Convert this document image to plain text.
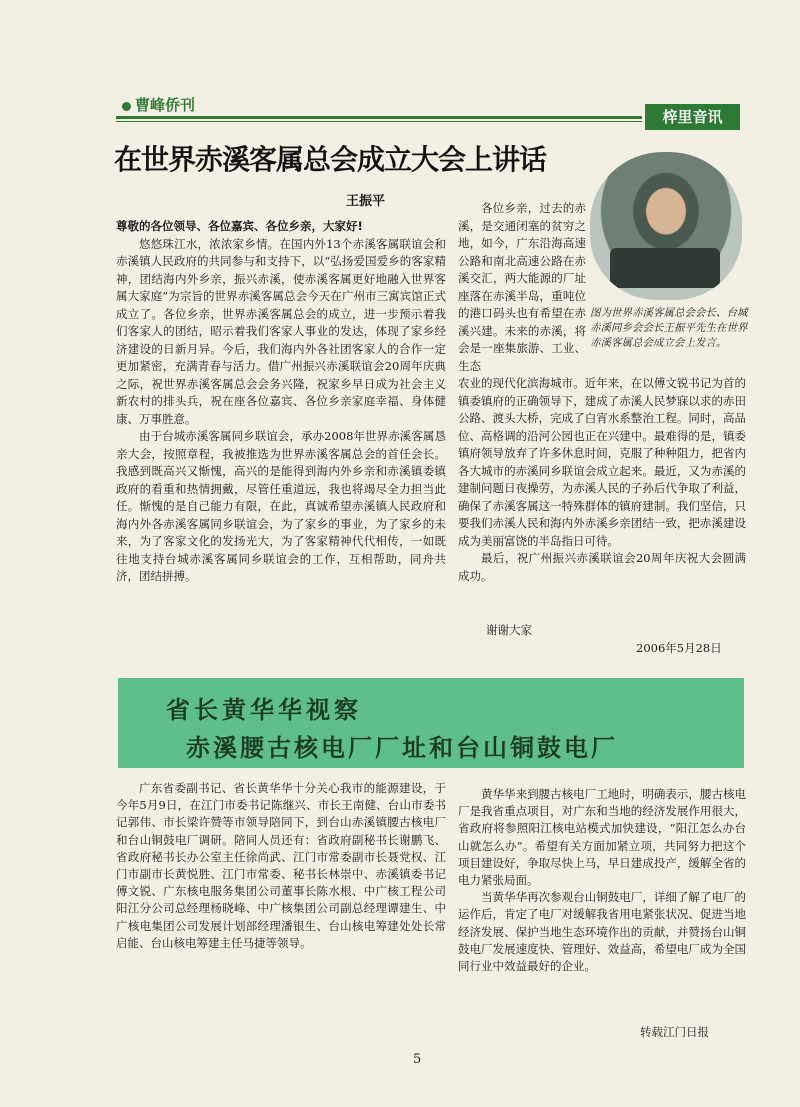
曹峰侨刊
梓里音讯
在世界赤溪客属总会成立大会上讲话
王振平
图为世界赤溪客属总会会长、台城赤溪同乡会会长王振平先生在世界赤溪客属总会成立会上发言。

尊敬的各位领导、各位嘉宾、各位乡亲，大家好!

悠悠珠江水，浓浓家乡情。在国内外13个赤溪客属联谊会和赤溪镇人民政府的共同参与和支持下，以“弘扬爱国爱乡的客家精神，团结海内外乡亲，振兴赤溪，使赤溪客属更好地融入世界客属大家庭”为宗旨的世界赤溪客属总会今天在广州市三寓宾馆正式成立了。各位乡亲，世界赤溪客属总会的成立，进一步预示着我们客家人的团结，昭示着我们客家人事业的发达，体现了家乡经济建设的日新月异。今后，我们海内外各社团客家人的合作一定更加紧密，充满青春与活力。借广州振兴赤溪联谊会20周年庆典之际，祝世界赤溪客属总会会务兴隆，祝家乡早日成为社会主义新农村的排头兵，祝在座各位嘉宾、各位乡亲家庭幸福、身体健康、万事胜意。

由于台城赤溪客属同乡联谊会，承办2008年世界赤溪客属恳亲大会，按照章程，我被推选为世界赤溪客属总会的首任会长。我感到既高兴又惭愧，高兴的是能得到海内外乡亲和赤溪镇委镇政府的看重和热情拥戴，尽管任重道远，我也将竭尽全力担当此任。惭愧的是自己能力有限，在此，真诚希望赤溪镇人民政府和海内外各赤溪客属同乡联谊会，为了家乡的事业，为了家乡的未来，为了客家文化的发扬光大，为了客家精神代代相传，一如既往地支持台城赤溪客属同乡联谊会的工作，互相帮助，同舟共济，团结拼搏。

各位乡亲，过去的赤溪，是交通闭塞的贫穷之地，如今，广东沿海高速公路和南北高速公路在赤溪交汇，两大能源的厂址座落在赤溪半岛，重吨位的港口码头也有希望在赤溪兴建。未来的赤溪，将会是一座集旅游、工业、生态

农业的现代化滨海城市。近年来，在以傅文锐书记为首的镇委镇府的正确领导下，建成了赤溪人民梦寐以求的赤田公路、渡头大桥，完成了白宵水系整治工程。同时，高品位、高格调的沿河公园也正在兴建中。最难得的是，镇委镇府领导放弃了许多休息时间，克服了种种阻力，把省内各大城市的赤溪同乡联谊会成立起来。最近，又为赤溪的建制问题日夜操劳，为赤溪人民的子孙后代争取了利益，确保了赤溪客属这一特殊群体的镇府建制。我们坚信，只要我们赤溪人民和海内外赤溪乡亲团结一致，把赤溪建设成为美丽富饶的半岛指日可待。

最后，祝广州振兴赤溪联谊会20周年庆祝大会圆满成功。

谢谢大家
2006年5月28日
省长黄华华视察
赤溪腰古核电厂厂址和台山铜鼓电厂

广东省委副书记、省长黄华华十分关心我市的能源建设，于今年5月9日，在江门市委书记陈继兴、市长王南健、台山市委书记郭伟、市长梁许赞等市领导陪同下，到台山赤溪镇腰古核电厂和台山铜鼓电厂调研。陪同人员还有：省政府副秘书长谢鹏飞、省政府秘书长办公室主任徐尚武、江门市常委副市长聂党权、江门市副市长黄悦胜、江门市常委、秘书长林崇中、赤溪镇委书记傅文锐、广东核电服务集团公司董事长陈水根、中广核工程公司阳江分公司总经理杨晓峰、中广核集团公司副总经理谭建生、中广核电集团公司发展计划部经理潘银生、台山核电筹建处处长常启能、台山核电筹建主任马捷等领导。

黄华华来到腰古核电厂工地时，明确表示，腰古核电厂是我省重点项目，对广东和当地的经济发展作用很大，省政府将参照阳江核电站模式加快建设，“阳江怎么办台山就怎么办”。希望有关方面加紧立项，共同努力把这个项目建设好，争取尽快上马，早日建成投产，缓解全省的电力紧张局面。

当黄华华再次参观台山铜鼓电厂，详细了解了电厂的运作后，肯定了电厂对缓解我省用电紧张状况、促进当地经济发展、保护当地生态环境作出的贡献，并赞扬台山铜鼓电厂发展速度快、管理好、效益高，希望电厂成为全国同行业中效益最好的企业。

转载江门日报
5
